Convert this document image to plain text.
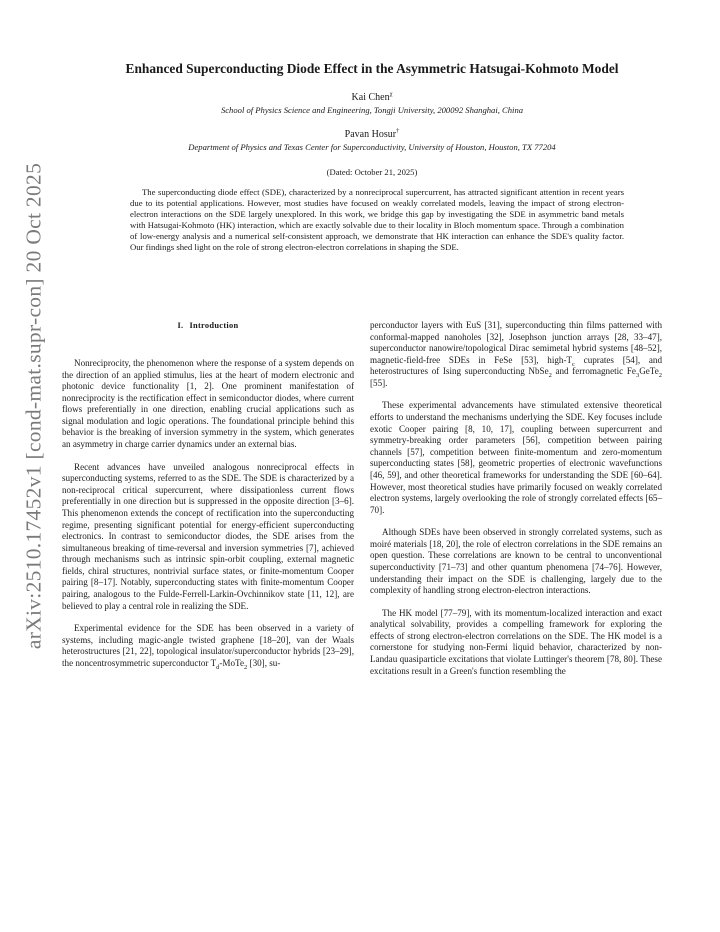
arXiv:2510.17452v1 [cond-mat.supr-con] 20 Oct 2025
Enhanced Superconducting Diode Effect in the Asymmetric Hatsugai-Kohmoto Model
Kai Chen$^\chi$
School of Physics Science and Engineering, Tongji University, 200092 Shanghai, China
Pavan Hosur†
Department of Physics and Texas Center for Superconductivity, University of Houston, Houston, TX 77204
(Dated: October 21, 2025)

The superconducting diode effect (SDE), characterized by a nonreciprocal supercurrent, has attracted significant attention in recent years due to its potential applications. However, most studies have focused on weakly correlated models, leaving the impact of strong electron-electron interactions on the SDE largely unexplored. In this work, we bridge this gap by investigating the SDE in asymmetric band metals with Hatsugai-Kohmoto (HK) interaction, which are exactly solvable due to their locality in Bloch momentum space. Through a combination of low-energy analysis and a numerical self-consistent approach, we demonstrate that HK interaction can enhance the SDE's quality factor. Our findings shed light on the role of strong electron-electron correlations in shaping the SDE.

I. Introduction

Nonreciprocity, the phenomenon where the response of a system depends on the direction of an applied stimulus, lies at the heart of modern electronic and photonic device functionality [1, 2]. One prominent manifestation of nonreciprocity is the rectification effect in semiconductor diodes, where current flows preferentially in one direction, enabling crucial applications such as signal modulation and logic operations. The foundational principle behind this behavior is the breaking of inversion symmetry in the system, which generates an asymmetry in charge carrier dynamics under an external bias.

Recent advances have unveiled analogous nonreciprocal effects in superconducting systems, referred to as the SDE. The SDE is characterized by a non-reciprocal critical supercurrent, where dissipationless current flows preferentially in one direction but is suppressed in the opposite direction [3–6]. This phenomenon extends the concept of rectification into the superconducting regime, presenting significant potential for energy-efficient superconducting electronics. In contrast to semiconductor diodes, the SDE arises from the simultaneous breaking of time-reversal and inversion symmetries [7], achieved through mechanisms such as intrinsic spin-orbit coupling, external magnetic fields, chiral structures, nontrivial surface states, or finite-momentum Cooper pairing [8–17]. Notably, superconducting states with finite-momentum Cooper pairing, analogous to the Fulde-Ferrell-Larkin-Ovchinnikov state [11, 12], are believed to play a central role in realizing the SDE.

Experimental evidence for the SDE has been observed in a variety of systems, including magic-angle twisted graphene [18–20], van der Waals heterostructures [21, 22], topological insulator/superconductor hybrids [23–29], the noncentrosymmetric superconductor $T_d-MoTe_2$ [30], su-

perconductor layers with EuS [31], superconducting thin films patterned with conformal-mapped nanoholes [32], Josephson junction arrays [28, 33–47], superconductor nanowire/topological Dirac semimetal hybrid systems [48–52], magnetic-field-free SDEs in FeSe [53], high-$T_c$ cuprates [54], and heterostructures of Ising superconducting NbSe$_2$ and ferromagnetic $Fe_3GeTe_2$ [55].

These experimental advancements have stimulated extensive theoretical efforts to understand the mechanisms underlying the SDE. Key focuses include exotic Cooper pairing [8, 10, 17], coupling between supercurrent and symmetry-breaking order parameters [56], competition between pairing channels [57], competition between finite-momentum and zero-momentum superconducting states [58], geometric properties of electronic wavefunctions [46, 59], and other theoretical frameworks for understanding the SDE [60–64]. However, most theoretical studies have primarily focused on weakly correlated electron systems, largely overlooking the role of strongly correlated effects [65–70].

Although SDEs have been observed in strongly correlated systems, such as moiré materials [18, 20], the role of electron correlations in the SDE remains an open question. These correlations are known to be central to unconventional superconductivity [71–73] and other quantum phenomena [74–76]. However, understanding their impact on the SDE is challenging, largely due to the complexity of handling strong electron-electron interactions.

The HK model [77–79], with its momentum-localized interaction and exact analytical solvability, provides a compelling framework for exploring the effects of strong electron-electron correlations on the SDE. The HK model is a cornerstone for studying non-Fermi liquid behavior, characterized by non-Landau quasiparticle excitations that violate Luttinger's theorem [78, 80]. These excitations result in a Green's function resembling the
